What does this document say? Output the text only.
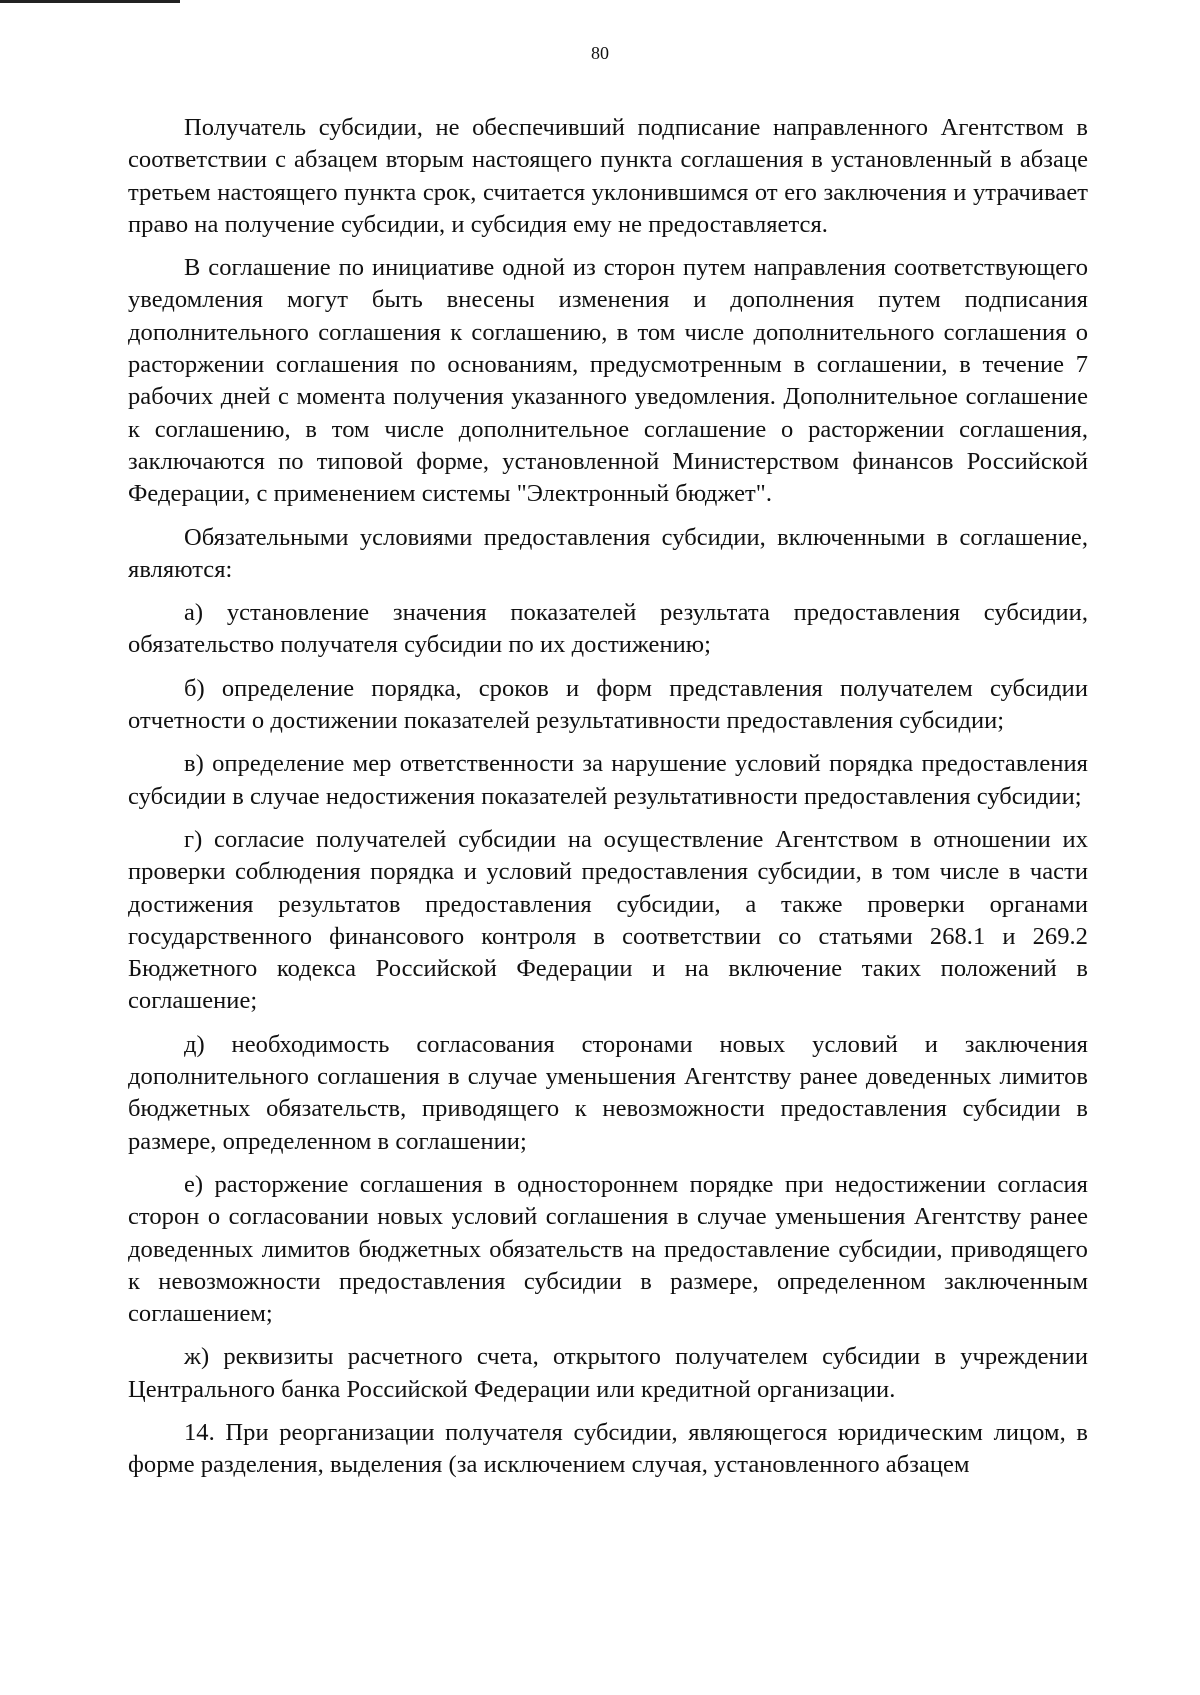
80

Получатель субсидии, не обеспечивший подписание направленного Агентством в соответствии с абзацем вторым настоящего пункта соглашения в установленный в абзаце третьем настоящего пункта срок, считается уклонившимся от его заключения и утрачивает право на получение субсидии, и субсидия ему не предоставляется.

В соглашение по инициативе одной из сторон путем направления соответствующего уведомления могут быть внесены изменения и дополнения путем подписания дополнительного соглашения к соглашению, в том числе дополнительного соглашения о расторжении соглашения по основаниям, предусмотренным в соглашении, в течение 7 рабочих дней с момента получения указанного уведомления. Дополнительное соглашение к соглашению, в том числе дополнительное соглашение о расторжении соглашения, заключаются по типовой форме, установленной Министерством финансов Российской Федерации, с применением системы "Электронный бюджет".

Обязательными условиями предоставления субсидии, включенными в соглашение, являются:

а) установление значения показателей результата предоставления субсидии, обязательство получателя субсидии по их достижению;

б) определение порядка, сроков и форм представления получателем субсидии отчетности о достижении показателей результативности предоставления субсидии;

в) определение мер ответственности за нарушение условий порядка предоставления субсидии в случае недостижения показателей результативности предоставления субсидии;

г) согласие получателей субсидии на осуществление Агентством в отношении их проверки соблюдения порядка и условий предоставления субсидии, в том числе в части достижения результатов предоставления субсидии, а также проверки органами государственного финансового контроля в соответствии со статьями 268.1 и 269.2 Бюджетного кодекса Российской Федерации и на включение таких положений в соглашение;

д) необходимость согласования сторонами новых условий и заключения дополнительного соглашения в случае уменьшения Агентству ранее доведенных лимитов бюджетных обязательств, приводящего к невозможности предоставления субсидии в размере, определенном в соглашении;

е) расторжение соглашения в одностороннем порядке при недостижении согласия сторон о согласовании новых условий соглашения в случае уменьшения Агентству ранее доведенных лимитов бюджетных обязательств на предоставление субсидии, приводящего к невозможности предоставления субсидии в размере, определенном заключенным соглашением;

ж) реквизиты расчетного счета, открытого получателем субсидии в учреждении Центрального банка Российской Федерации или кредитной организации.

14. При реорганизации получателя субсидии, являющегося юридическим лицом, в форме разделения, выделения (за исключением случая, установленного абзацем
